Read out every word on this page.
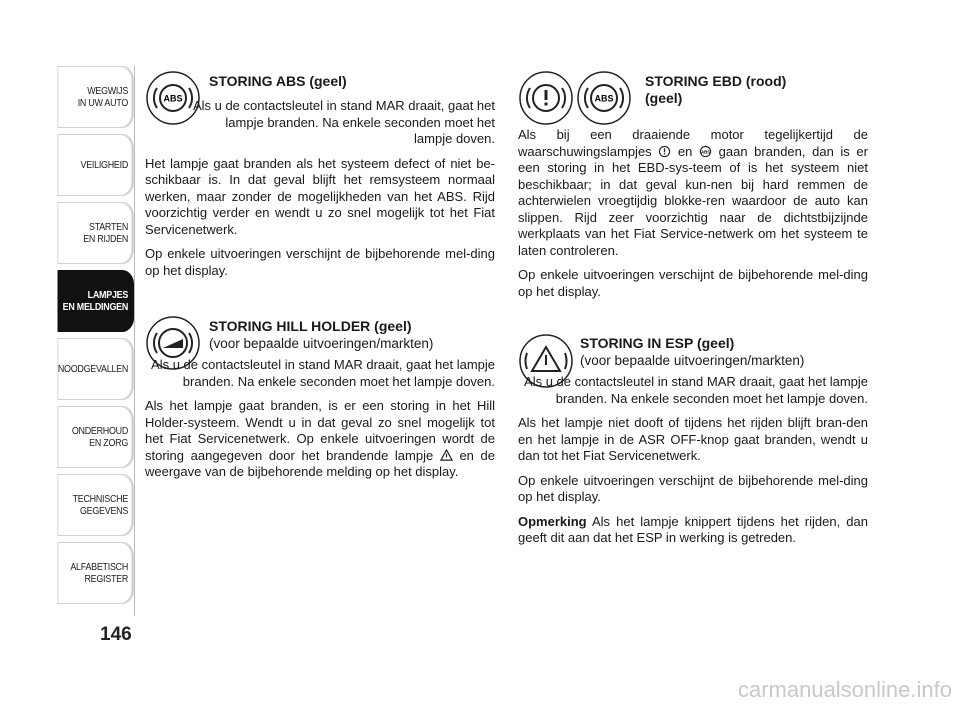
WEGWIJS
IN UW AUTO
VEILIGHEID
STARTEN
EN RIJDEN
LAMPJES
EN MELDINGEN
NOODGEVALLEN
ONDERHOUD
EN ZORG
TECHNISCHE
GEGEVENS
ALFABETISCH
REGISTER
146
ABS
STORING ABS (geel)

Als u de contactsleutel in stand MAR draait, gaat het lampje branden. Na enkele seconden moet het lampje doven.

Het lampje gaat branden als het systeem defect of niet be-schikbaar is. In dat geval blijft het remsysteem normaal werken, maar zonder de mogelijkheden van het ABS. Rijd voorzichtig verder en wendt u zo snel mogelijk tot het Fiat Servicenetwerk.

Op enkele uitvoeringen verschijnt de bijbehorende mel-ding op het display.

STORING HILL HOLDER (geel)
(voor bepaalde uitvoeringen/markten)

Als u de contactsleutel in stand MAR draait, gaat het lampje branden. Na enkele seconden moet het lampje doven.

Als het lampje gaat branden, is er een storing in het Hill Holder-systeem. Wendt u in dat geval zo snel mogelijk tot het Fiat Servicenetwerk. Op enkele uitvoeringen wordt de storing aangegeven door het brandende lampje en de weergave van de bijbehorende melding op het display.

ABS
STORING EBD (rood) (geel)

Als bij een draaiende motor tegelijkertijd de waarschuwingslampjes en ABS gaan branden, dan is er een storing in het EBD-sys-teem of is het systeem niet beschikbaar; in dat geval kun-nen bij hard remmen de achterwielen vroegtijdig blokke-ren waardoor de auto kan slippen. Rijd zeer voorzichtig naar de dichtstbijzijnde werkplaats van het Fiat Service-netwerk om het systeem te laten controleren.

Op enkele uitvoeringen verschijnt de bijbehorende mel-ding op het display.

STORING IN ESP (geel)
(voor bepaalde uitvoeringen/markten)

Als u de contactsleutel in stand MAR draait, gaat het lampje branden. Na enkele seconden moet het lampje doven.

Als het lampje niet dooft of tijdens het rijden blijft bran-den en het lampje in de ASR OFF-knop gaat branden, wendt u dan tot het Fiat Servicenetwerk.

Op enkele uitvoeringen verschijnt de bijbehorende mel-ding op het display.

Opmerking Als het lampje knippert tijdens het rijden, dan geeft dit aan dat het ESP in werking is getreden.

carmanualsonline.info
